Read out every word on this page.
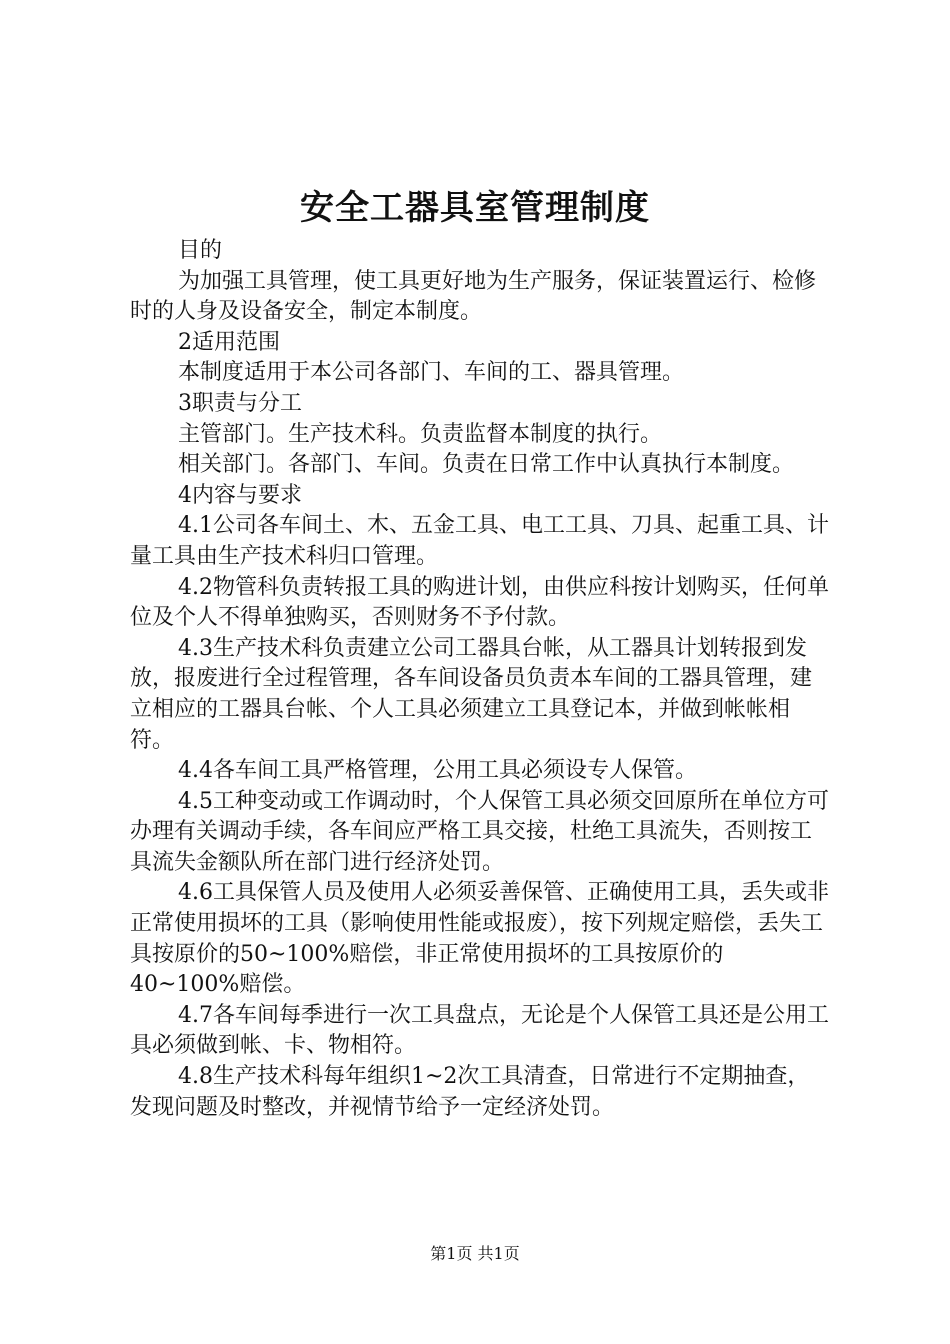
安全工器具室管理制度

目的

为加强工具管理，使工具更好地为生产服务，保证装置运行、检修时的人身及设备安全，制定本制度。

2适用范围

本制度适用于本公司各部门、车间的工、器具管理。

3职责与分工

主管部门。生产技术科。负责监督本制度的执行。

相关部门。各部门、车间。负责在日常工作中认真执行本制度。

4内容与要求

4.1公司各车间土、木、五金工具、电工工具、刀具、起重工具、计量工具由生产技术科归口管理。

4.2物管科负责转报工具的购进计划，由供应科按计划购买，任何单位及个人不得单独购买，否则财务不予付款。

4.3生产技术科负责建立公司工器具台帐，从工器具计划转报到发放，报废进行全过程管理，各车间设备员负责本车间的工器具管理，建立相应的工器具台帐、个人工具必须建立工具登记本，并做到帐帐相符。

4.4各车间工具严格管理，公用工具必须设专人保管。

4.5工种变动或工作调动时，个人保管工具必须交回原所在单位方可办理有关调动手续，各车间应严格工具交接，杜绝工具流失，否则按工具流失金额队所在部门进行经济处罚。

4.6工具保管人员及使用人必须妥善保管、正确使用工具，丢失或非正常使用损坏的工具（影响使用性能或报废），按下列规定赔偿，丢失工具按原价的50~100%赔偿，非正常使用损坏的工具按原价的40~100%赔偿。

4.7各车间每季进行一次工具盘点，无论是个人保管工具还是公用工具必须做到帐、卡、物相符。

4.8生产技术科每年组织1~2次工具清查，日常进行不定期抽查，发现问题及时整改，并视情节给予一定经济处罚。

第1页 共1页
